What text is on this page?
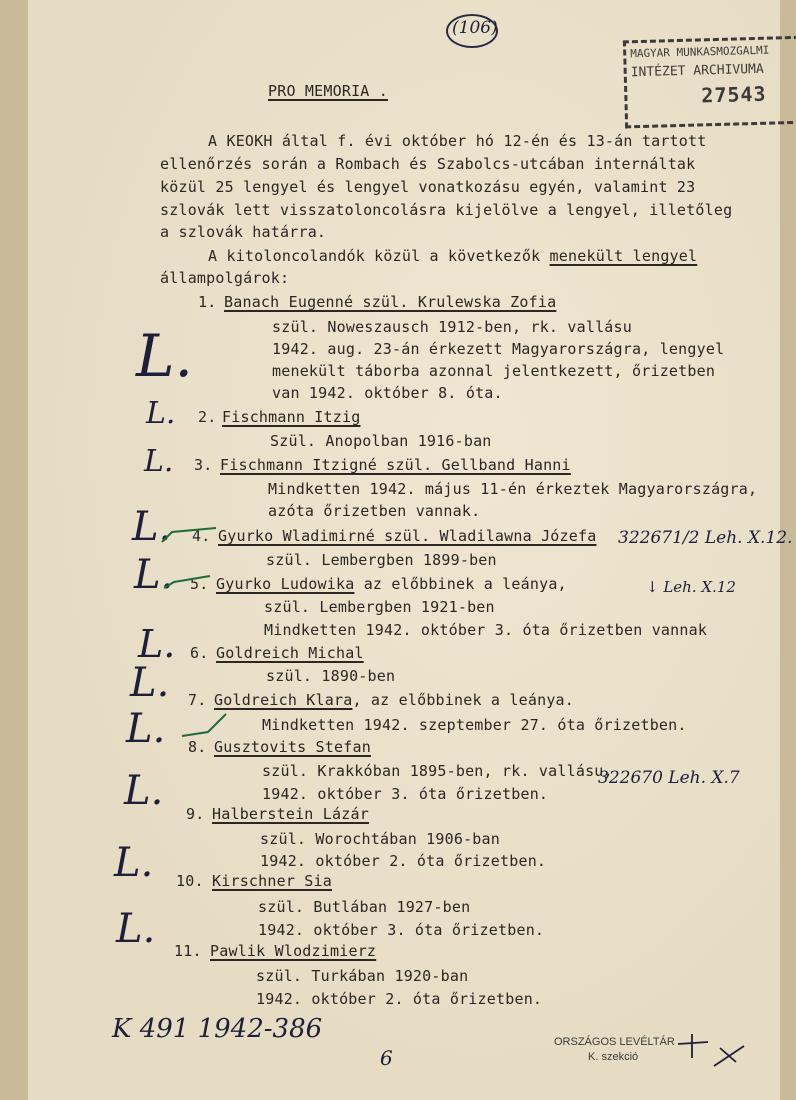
(106)
MAGYAR MUNKASMOZGALMI
INTÉZET ARCHIVUMA
27543
PRO MEMORIA .
A KEOKH által f. évi október hó 12-én és 13-án tartott
ellenőrzés során a Rombach és Szabolcs-utcában internáltak
közül 25 lengyel és lengyel vonatkozásu egyén, valamint 23
szlovák lett visszatoloncolásra kijelölve a lengyel, illetőleg
a szlovák határra.
A kitoloncolandók közül a következők menekült lengyel
állampolgárok:
1. Banach Eugenné szül. Krulewska Zofia
szül. Noweszausch 1912-ben, rk. vallásu
1942. aug. 23-án érkezett Magyarországra, lengyel
menekült táborba azonnal jelentkezett, őrizetben
van 1942. október 8. óta.
2. Fischmann Itzig
Szül. Anopolban 1916-ban
3. Fischmann Itzigné szül. Gellband Hanni
Mindketten 1942. május 11-én érkeztek Magyarországra,
azóta őrizetben vannak.
4. Gyurko Wladimirné szül. Wladilawna Józefa
szül. Lembergben 1899-ben
5. Gyurko Ludowika az előbbinek a leánya,
szül. Lembergben 1921-ben
Mindketten 1942. október 3. óta őrizetben vannak
6. Goldreich Michal
szül. 1890-ben
7. Goldreich Klara, az előbbinek a leánya.
Mindketten 1942. szeptember 27. óta őrizetben.
8. Gusztovits Stefan
szül. Krakkóban 1895-ben, rk. vallásu,
1942. október 3. óta őrizetben.
9. Halberstein Lázár
szül. Worochtában 1906-ban
1942. október 2. óta őrizetben.
10. Kirschner Sia
szül. Butlában 1927-ben
1942. október 3. óta őrizetben.
11. Pawlik Wlodzimierz
szül. Turkában 1920-ban
1942. október 2. óta őrizetben.
L.
L.
L.
L.
L.
L.
L.
L.
L.
L.
L.
322671/2 Leh. X.12.
↓ Leh. X.12
322670 Leh. X.7
K 491 1942-386
6
ORSZÁGOS LEVÉLTÁR
K. szekció
